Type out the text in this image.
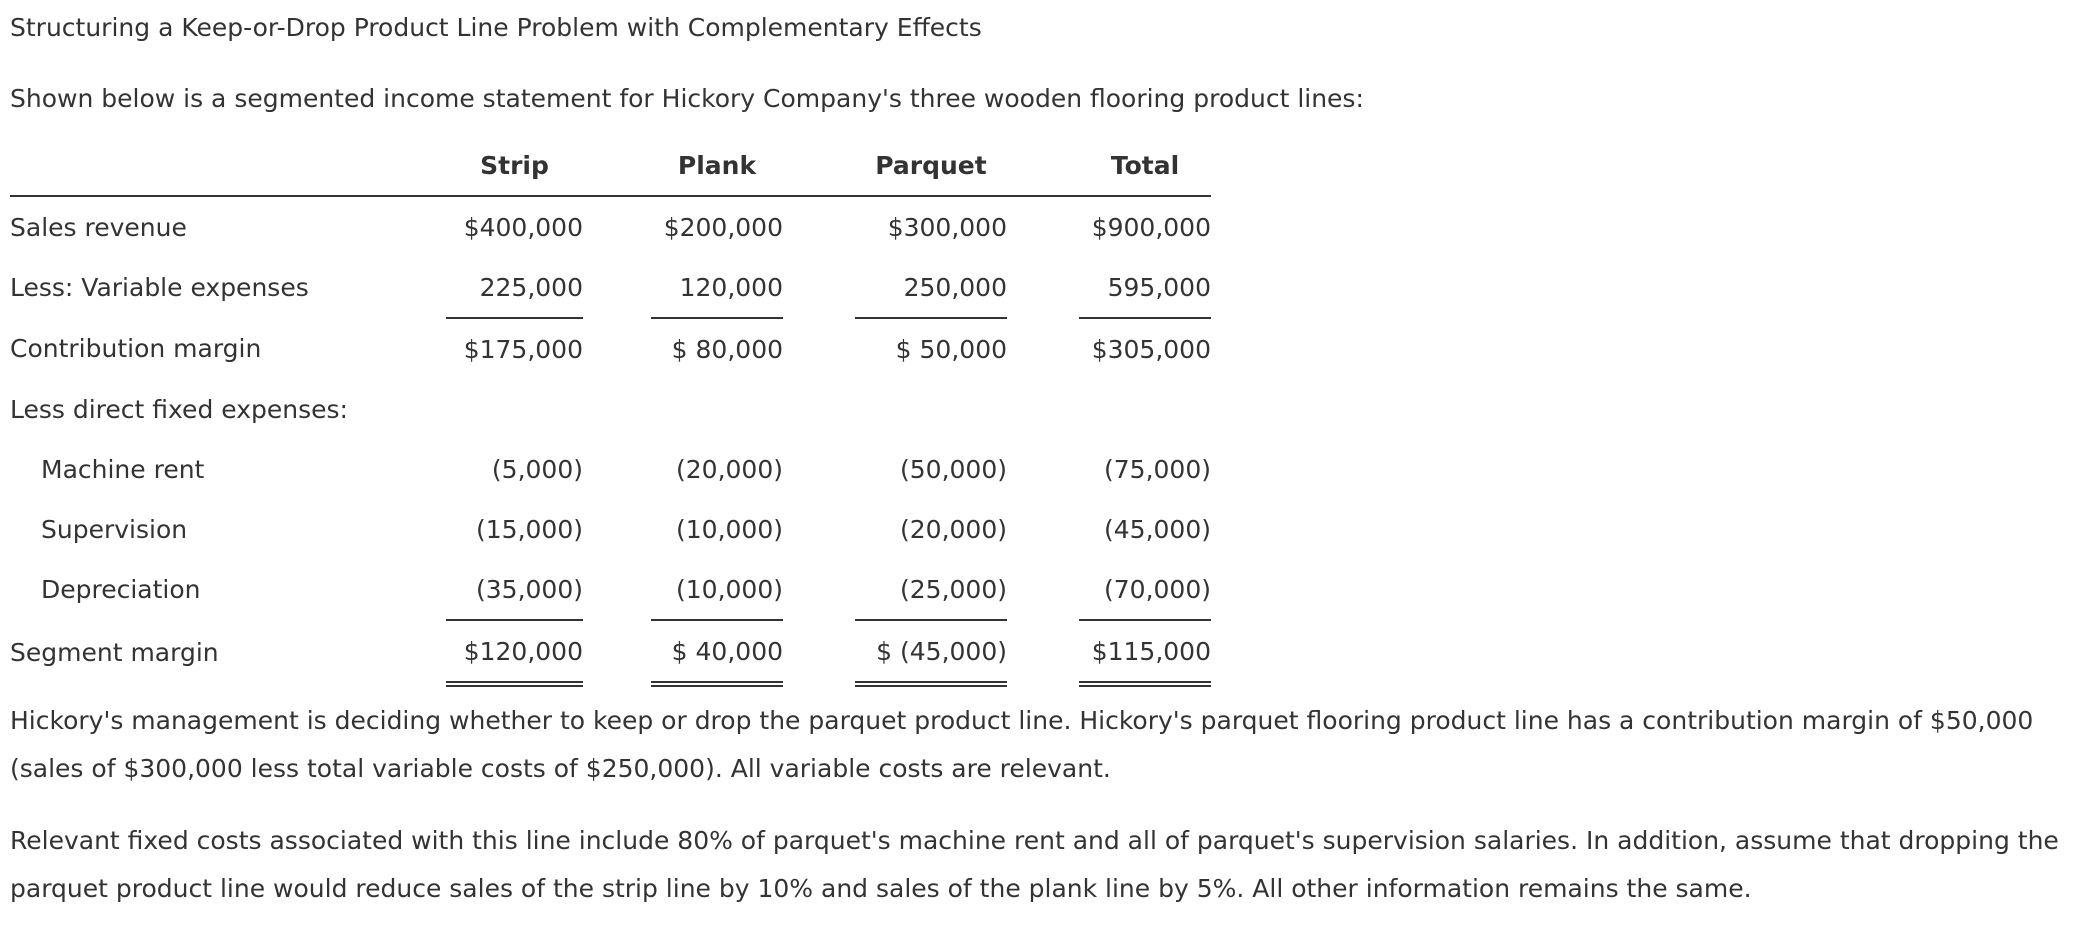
Structuring a Keep-or-Drop Product Line Problem with Complementary Effects
Shown below is a segmented income statement for Hickory Company's three wooden flooring product lines:
	Strip		Plank		Parquet		Total
Sales revenue	$400,000		$200,000		$300,000		$900,000
Less: Variable expenses	225,000		120,000		250,000		595,000
Contribution margin	$175,000		$ 80,000		$ 50,000		$305,000
Less direct fixed expenses:							
Machine rent	(5,000)		(20,000)		(50,000)		(75,000)
Supervision	(15,000)		(10,000)		(20,000)		(45,000)
Depreciation	(35,000)		(10,000)		(25,000)		(70,000)
Segment margin	$120,000		$ 40,000		$ (45,000)		$115,000
Hickory's management is deciding whether to keep or drop the parquet product line. Hickory's parquet flooring product line has a contribution margin of $50,000 (sales of $300,000 less total variable costs of $250,000). All variable costs are relevant.
Relevant fixed costs associated with this line include 80% of parquet's machine rent and all of parquet's supervision salaries. In addition, assume that dropping the parquet product line would reduce sales of the strip line by 10% and sales of the plank line by 5%. All other information remains the same.
